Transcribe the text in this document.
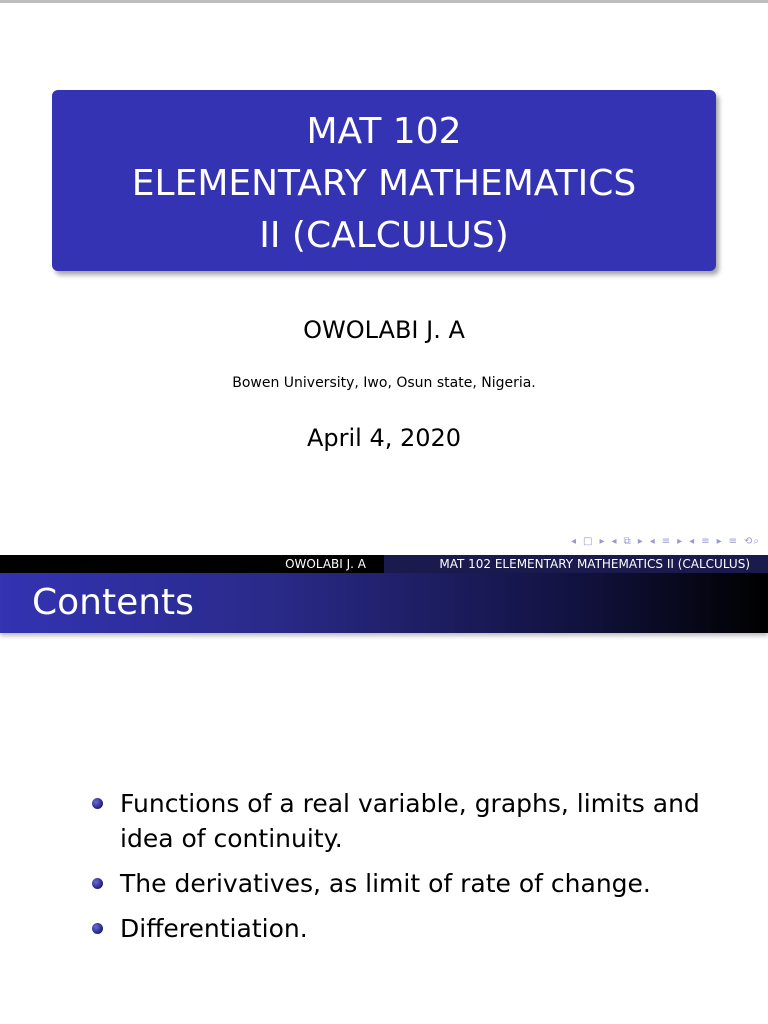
MAT 102
ELEMENTARY MATHEMATICS
II (CALCULUS)
OWOLABI J. A
Bowen University, Iwo, Osun state, Nigeria.
April 4, 2020
◂ □ ▸ ◂ ⧉ ▸ ◂ ≡ ▸ ◂ ≡ ▸ ≡ ⟲⌕
OWOLABI J. A	MAT 102 ELEMENTARY MATHEMATICS II (CALCULUS)
Contents
Functions of a real variable, graphs, limits and idea of continuity.
The derivatives, as limit of rate of change.
Differentiation.
